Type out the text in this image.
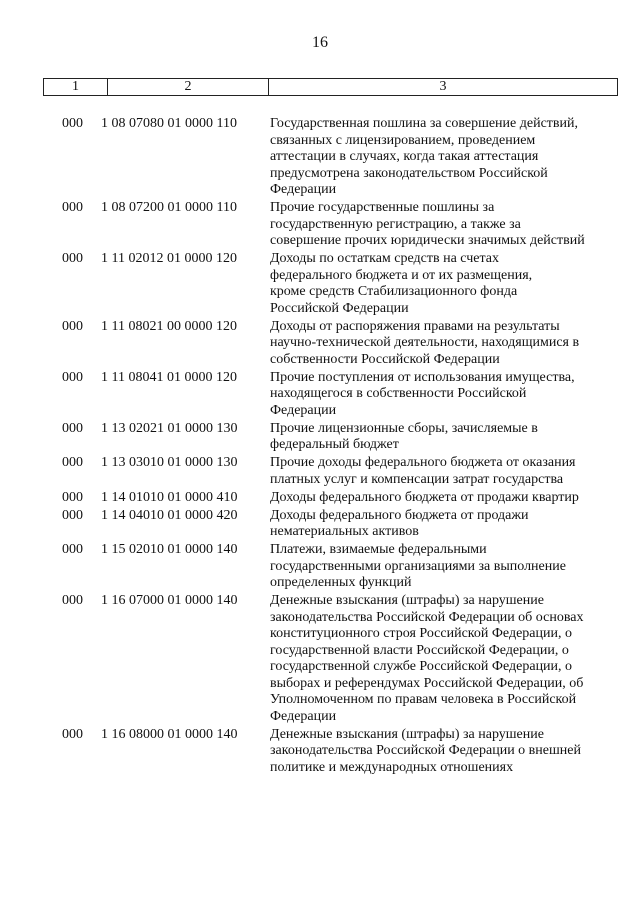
16
1	2	3
000	1 08 07080 01 0000 110	Государственная пошлина за совершение действий,
связанных с лицензированием, проведением
аттестации в случаях, когда такая аттестация
предусмотрена законодательством Российской
Федерации
000	1 08 07200 01 0000 110	Прочие государственные пошлины за
государственную регистрацию, а также за
совершение прочих юридически значимых действий
000	1 11 02012 01 0000 120	Доходы по остаткам средств на счетах
федерального бюджета и от их размещения,
кроме средств Стабилизационного фонда
Российской Федерации
000	1 11 08021 00 0000 120	Доходы от распоряжения правами на результаты
научно-технической деятельности, находящимися в
собственности Российской Федерации
000	1 11 08041 01 0000 120	Прочие поступления от использования имущества,
находящегося в собственности Российской
Федерации
000	1 13 02021 01 0000 130	Прочие лицензионные сборы, зачисляемые в
федеральный бюджет
000	1 13 03010 01 0000 130	Прочие доходы федерального бюджета от оказания
платных услуг и компенсации затрат государства
000	1 14 01010 01 0000 410	Доходы федерального бюджета от продажи квартир
000	1 14 04010 01 0000 420	Доходы федерального бюджета от продажи
нематериальных активов
000	1 15 02010 01 0000 140	Платежи, взимаемые федеральными
государственными организациями за выполнение
определенных функций
000	1 16 07000 01 0000 140	Денежные взыскания (штрафы) за нарушение
законодательства Российской Федерации об основах
конституционного строя Российской Федерации, о
государственной власти Российской Федерации, о
государственной службе Российской Федерации, о
выборах и референдумах Российской Федерации, об
Уполномоченном по правам человека в Российской
Федерации
000	1 16 08000 01 0000 140	Денежные взыскания (штрафы) за нарушение
законодательства Российской Федерации о внешней
политике и международных отношениях
